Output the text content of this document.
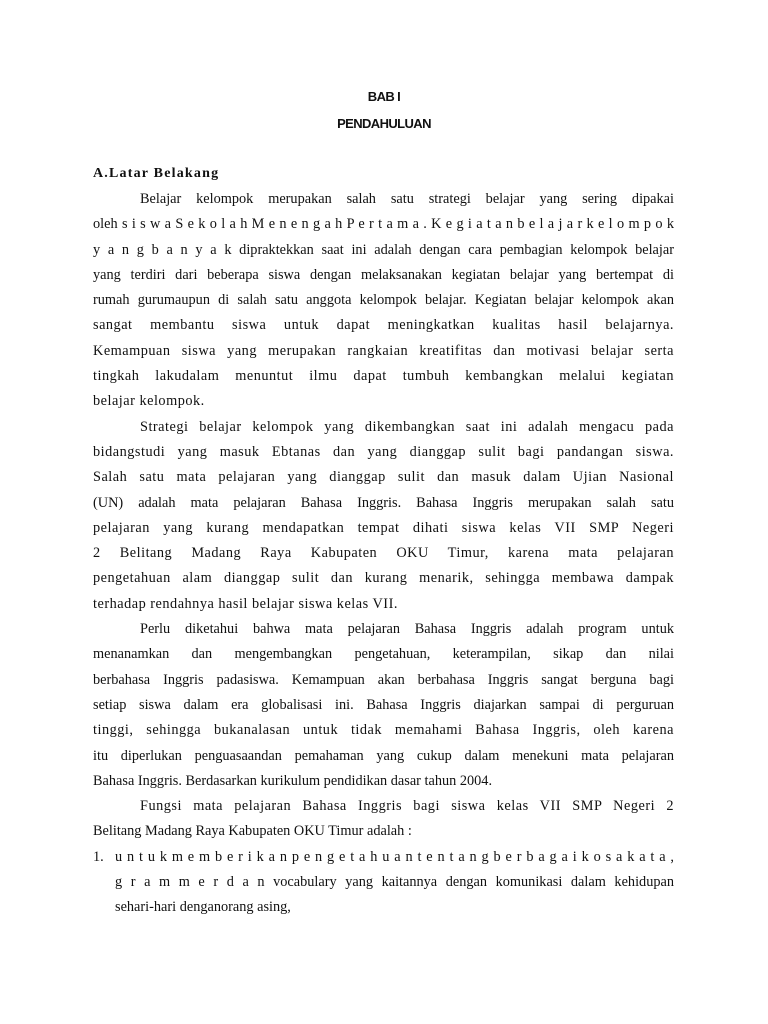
BAB I
PENDAHULUAN
A.Latar Belakang
Belajar kelompok merupakan salah satu strategi belajar yang sering dipakai
oleh s i s w a S e k o l a h M e n e n g a h P e r t a m a . K e g i a t a n b e l a j a r k e l o m p o k
y a n g b a n y a k dipraktekkan saat ini adalah dengan cara pembagian kelompok belajar
yang terdiri dari beberapa siswa dengan melaksanakan kegiatan belajar yang bertempat di
rumah gurumaupun di salah satu anggota kelompok belajar. Kegiatan belajar kelompok akan
sangat membantu siswa untuk dapat meningkatkan kualitas hasil belajarnya.
Kemampuan siswa yang merupakan rangkaian kreatifitas dan motivasi belajar serta
tingkah lakudalam menuntut ilmu dapat tumbuh kembangkan melalui kegiatan
belajar kelompok.
Strategi belajar kelompok yang dikembangkan saat ini adalah mengacu pada
bidangstudi yang masuk Ebtanas dan yang dianggap sulit bagi pandangan siswa.
Salah satu mata pelajaran yang dianggap sulit dan masuk dalam Ujian Nasional
(UN) adalah mata pelajaran Bahasa Inggris. Bahasa Inggris merupakan salah satu
pelajaran yang kurang mendapatkan tempat dihati siswa kelas VII SMP Negeri
2 Belitang Madang Raya Kabupaten OKU Timur, karena mata pelajaran
pengetahuan alam dianggap sulit dan kurang menarik, sehingga membawa dampak
terhadap rendahnya hasil belajar siswa kelas VII.
Perlu diketahui bahwa mata pelajaran Bahasa Inggris adalah program untuk
menanamkan dan mengembangkan pengetahuan, keterampilan, sikap dan nilai
berbahasa Inggris padasiswa. Kemampuan akan berbahasa Inggris sangat berguna bagi
setiap siswa dalam era globalisasi ini. Bahasa Inggris diajarkan sampai di perguruan
tinggi, sehingga bukanalasan untuk tidak memahami Bahasa Inggris, oleh karena
itu diperlukan penguasaandan pemahaman yang cukup dalam menekuni mata pelajaran
Bahasa Inggris. Berdasarkan kurikulum pendidikan dasar tahun 2004.
Fungsi mata pelajaran Bahasa Inggris bagi siswa kelas VII SMP Negeri 2
Belitang Madang Raya Kabupaten OKU Timur adalah :
1. u n t u k m e m b e r i k a n p e n g e t a h u a n t e n t a n g b e r b a g a i k o s a k a t a ,
g r a m m e r d a n vocabulary yang kaitannya dengan komunikasi dalam kehidupan
sehari-hari denganorang asing,
